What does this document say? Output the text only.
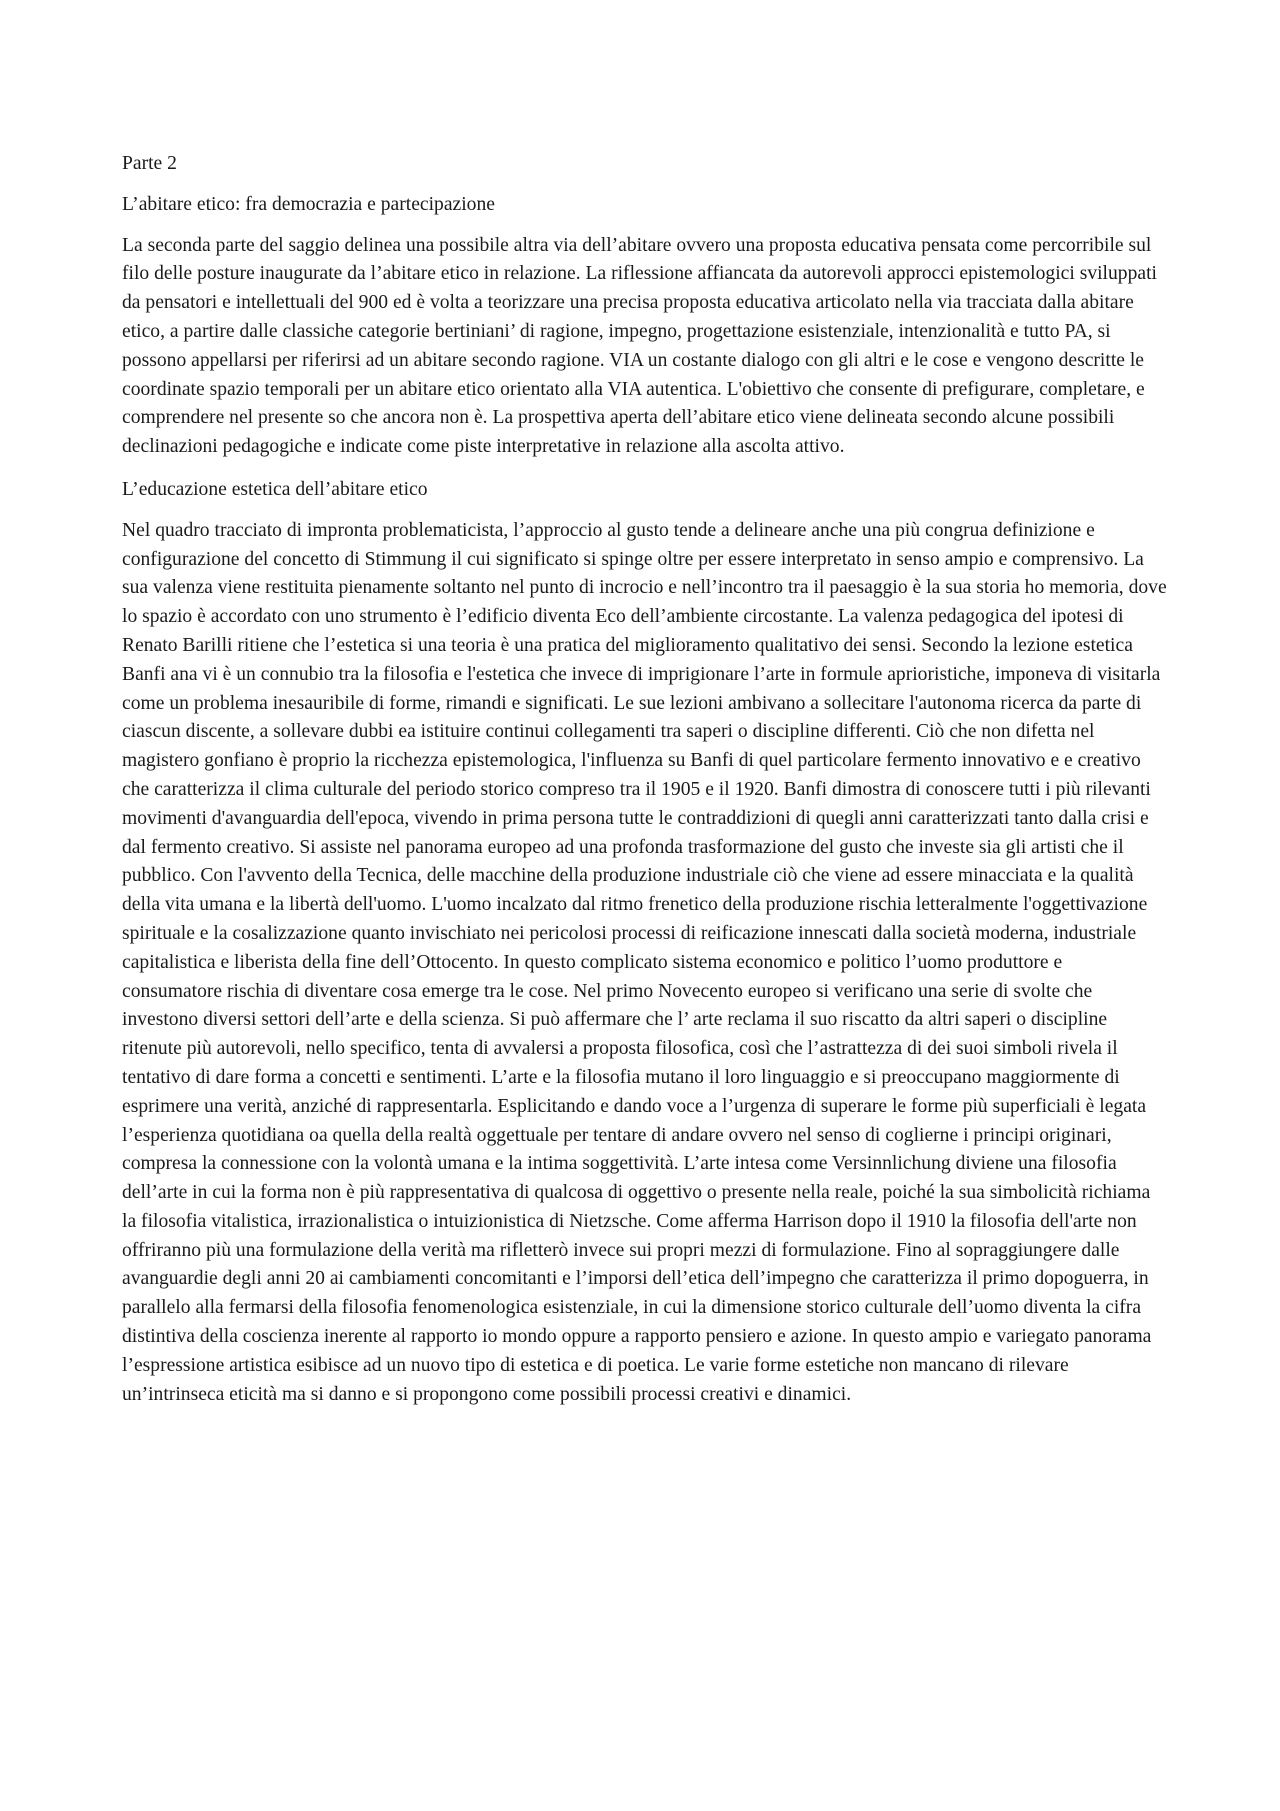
Parte 2

L’abitare etico: fra democrazia e partecipazione

La seconda parte del saggio delinea una possibile altra via dell’abitare ovvero una proposta educativa pensata come percorribile sul filo delle posture inaugurate da l’abitare etico in relazione. La riflessione affiancata da autorevoli approcci epistemologici sviluppati da pensatori e intellettuali del 900 ed è volta a teorizzare una precisa proposta educativa articolato nella via tracciata dalla abitare etico, a partire dalle classiche categorie bertiniani’ di ragione, impegno, progettazione esistenziale, intenzionalità e tutto PA, si possono appellarsi per riferirsi ad un abitare secondo ragione. VIA un costante dialogo con gli altri e le cose e vengono descritte le coordinate spazio temporali per un abitare etico orientato alla VIA autentica. L'obiettivo che consente di prefigurare, completare, e comprendere nel presente so che ancora non è. La prospettiva aperta dell’abitare etico viene delineata secondo alcune possibili declinazioni pedagogiche e indicate come piste interpretative in relazione alla ascolta attivo.

L’educazione estetica dell’abitare etico

Nel quadro tracciato di impronta problematicista, l’approccio al gusto tende a delineare anche una più congrua definizione e configurazione del concetto di Stimmung il cui significato si spinge oltre per essere interpretato in senso ampio e comprensivo. La sua valenza viene restituita pienamente soltanto nel punto di incrocio e nell’incontro tra il paesaggio è la sua storia ho memoria, dove lo spazio è accordato con uno strumento è l’edificio diventa Eco dell’ambiente circostante. La valenza pedagogica del ipotesi di Renato Barilli ritiene che l’estetica si una teoria è una pratica del miglioramento qualitativo dei sensi. Secondo la lezione estetica Banfi ana vi è un connubio tra la filosofia e l'estetica che invece di imprigionare l’arte in formule aprioristiche, imponeva di visitarla come un problema inesauribile di forme, rimandi e significati. Le sue lezioni ambivano a sollecitare l'autonoma ricerca da parte di ciascun discente, a sollevare dubbi ea istituire continui collegamenti tra saperi o discipline differenti. Ciò che non difetta nel magistero gonfiano è proprio la ricchezza epistemologica, l'influenza su Banfi di quel particolare fermento innovativo e e creativo che caratterizza il clima culturale del periodo storico compreso tra il 1905 e il 1920. Banfi dimostra di conoscere tutti i più rilevanti movimenti d'avanguardia dell'epoca, vivendo in prima persona tutte le contraddizioni di quegli anni caratterizzati tanto dalla crisi e dal fermento creativo. Si assiste nel panorama europeo ad una profonda trasformazione del gusto che investe sia gli artisti che il pubblico. Con l'avvento della Tecnica, delle macchine della produzione industriale ciò che viene ad essere minacciata e la qualità della vita umana e la libertà dell'uomo. L'uomo incalzato dal ritmo frenetico della produzione rischia letteralmente l'oggettivazione spirituale e la cosalizzazione quanto invischiato nei pericolosi processi di reificazione innescati dalla società moderna, industriale capitalistica e liberista della fine dell’Ottocento. In questo complicato sistema economico e politico l’uomo produttore e consumatore rischia di diventare cosa emerge tra le cose. Nel primo Novecento europeo si verificano una serie di svolte che investono diversi settori dell’arte e della scienza. Si può affermare che l’ arte reclama il suo riscatto da altri saperi o discipline ritenute più autorevoli, nello specifico, tenta di avvalersi a proposta filosofica, così che l’astrattezza di dei suoi simboli rivela il tentativo di dare forma a concetti e sentimenti. L’arte e la filosofia mutano il loro linguaggio e si preoccupano maggiormente di esprimere una verità, anziché di rappresentarla. Esplicitando e dando voce a l’urgenza di superare le forme più superficiali è legata l’esperienza quotidiana oa quella della realtà oggettuale per tentare di andare ovvero nel senso di coglierne i principi originari, compresa la connessione con la volontà umana e la intima soggettività. L’arte intesa come Versinnlichung diviene una filosofia dell’arte in cui la forma non è più rappresentativa di qualcosa di oggettivo o presente nella reale, poiché la sua simbolicità richiama la filosofia vitalistica, irrazionalistica o intuizionistica di Nietzsche. Come afferma Harrison dopo il 1910 la filosofia dell'arte non offriranno più una formulazione della verità ma rifletterò invece sui propri mezzi di formulazione. Fino al sopraggiungere dalle avanguardie degli anni 20 ai cambiamenti concomitanti e l’imporsi dell’etica dell’impegno che caratterizza il primo dopoguerra, in parallelo alla fermarsi della filosofia fenomenologica esistenziale, in cui la dimensione storico culturale dell’uomo diventa la cifra distintiva della coscienza inerente al rapporto io mondo oppure a rapporto pensiero e azione. In questo ampio e variegato panorama l’espressione artistica esibisce ad un nuovo tipo di estetica e di poetica. Le varie forme estetiche non mancano di rilevare un’intrinseca eticità ma si danno e si propongono come possibili processi creativi e dinamici.
